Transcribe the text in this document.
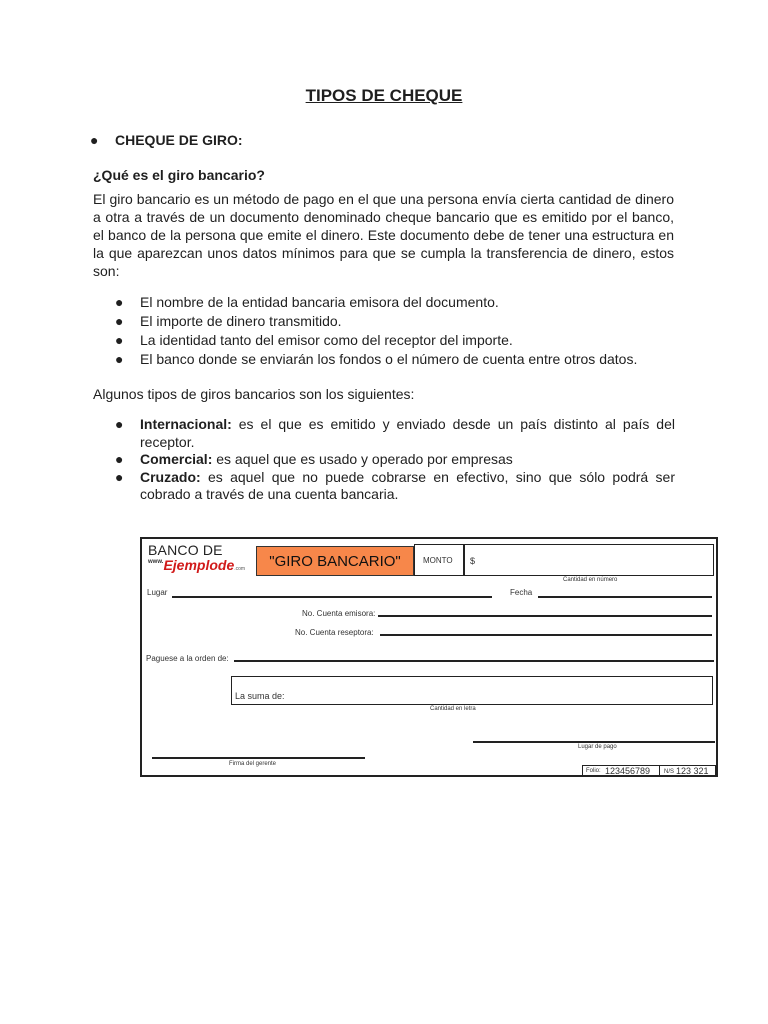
TIPOS DE CHEQUE
● CHEQUE DE GIRO:
¿Qué es el giro bancario?
El giro bancario es un método de pago en el que una persona envía cierta cantidad de dinero a otra a través de un documento denominado cheque bancario que es emitido por el banco, el banco de la persona que emite el dinero. Este documento debe de tener una estructura en la que aparezcan unos datos mínimos para que se cumpla la transferencia de dinero, estos son:
● El nombre de la entidad bancaria emisora del documento.
● El importe de dinero transmitido.
● La identidad tanto del emisor como del receptor del importe.
● El banco donde se enviarán los fondos o el número de cuenta entre otros datos.
Algunos tipos de giros bancarios son los siguientes:
● Internacional: es el que es emitido y enviado desde un país distinto al país del receptor.
● Comercial: es aquel que es usado y operado por empresas
● Cruzado: es aquel que no puede cobrarse en efectivo, sino que sólo podrá ser cobrado a través de una cuenta bancaria.
BANCO DE
$^{www.}$Ejemplode.com	"GIRO BANCARIO"	MONTO $
Cantidad en número
Lugar	Fecha
No. Cuenta emisora:
No. Cuenta reseptora:
Paguese a la orden de:
La suma de:
Cantidad en letra
Lugar de pago
Firma del gerente
Folio: 123456789 N/S 123 321
